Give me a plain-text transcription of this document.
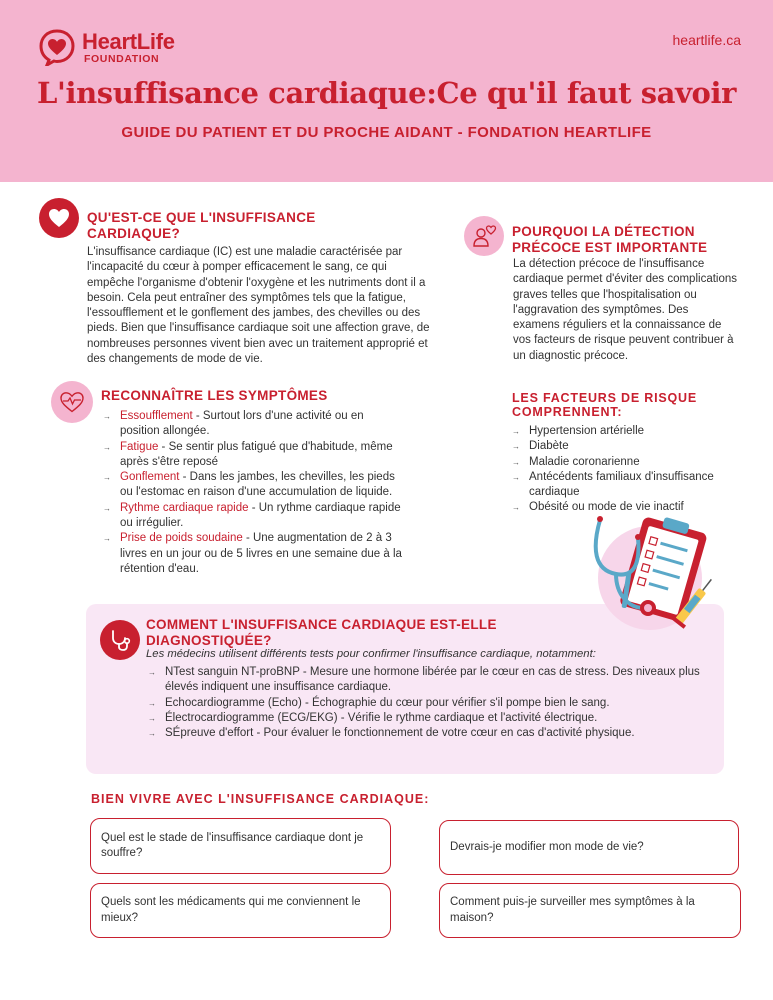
HeartLife
FOUNDATION
heartlife.ca
L'insuffisance cardiaque:Ce qu'il faut savoir
GUIDE DU PATIENT ET DU PROCHE AIDANT - FONDATION HEARTLIFE
QU'EST-CE QUE L'INSUFFISANCE CARDIAQUE?
L'insuffisance cardiaque (IC) est une maladie caractérisée par l'incapacité du cœur à pomper efficacement le sang, ce qui empêche l'organisme d'obtenir l'oxygène et les nutriments dont il a besoin. Cela peut entraîner des symptômes tels que la fatigue, l'essoufflement et le gonflement des jambes, des chevilles ou des pieds. Bien que l'insuffisance cardiaque soit une affection grave, de nombreuses personnes vivent bien avec un traitement approprié et des changements de mode de vie.
RECONNAÎTRE LES SYMPTÔMES
→ Essoufflement - Surtout lors d'une activité ou en position allongée.
→ Fatigue - Se sentir plus fatigué que d'habitude, même après s'être reposé
→ Gonflement - Dans les jambes, les chevilles, les pieds ou l'estomac en raison d'une accumulation de liquide.
→ Rythme cardiaque rapide - Un rythme cardiaque rapide ou irrégulier.
→ Prise de poids soudaine - Une augmentation de 2 à 3 livres en un jour ou de 5 livres en une semaine due à la rétention d'eau.
POURQUOI LA DÉTECTION PRÉCOCE EST IMPORTANTE
La détection précoce de l'insuffisance cardiaque permet d'éviter des complications graves telles que l'hospitalisation ou l'aggravation des symptômes. Des examens réguliers et la connaissance de vos facteurs de risque peuvent contribuer à un diagnostic précoce.
LES FACTEURS DE RISQUE COMPRENNENT:
→ Hypertension artérielle
→ Diabète
→ Maladie coronarienne
→ Antécédents familiaux d'insuffisance cardiaque
→ Obésité ou mode de vie inactif
COMMENT L'INSUFFISANCE CARDIAQUE EST-ELLE DIAGNOSTIQUÉE?
Les médecins utilisent différents tests pour confirmer l'insuffisance cardiaque, notamment:
→ NTest sanguin NT-proBNP - Mesure une hormone libérée par le cœur en cas de stress. Des niveaux plus élevés indiquent une insuffisance cardiaque.
→ Echocardiogramme (Echo) - Échographie du cœur pour vérifier s'il pompe bien le sang.
→ Électrocardiogramme (ECG/EKG) - Vérifie le rythme cardiaque et l'activité électrique.
→ SÉpreuve d'effort - Pour évaluer le fonctionnement de votre cœur en cas d'activité physique.
BIEN VIVRE AVEC L'INSUFFISANCE CARDIAQUE:
Quel est le stade de l'insuffisance cardiaque dont je souffre?
Devrais-je modifier mon mode de vie?
Quels sont les médicaments qui me conviennent le mieux?
Comment puis-je surveiller mes symptômes à la maison?
